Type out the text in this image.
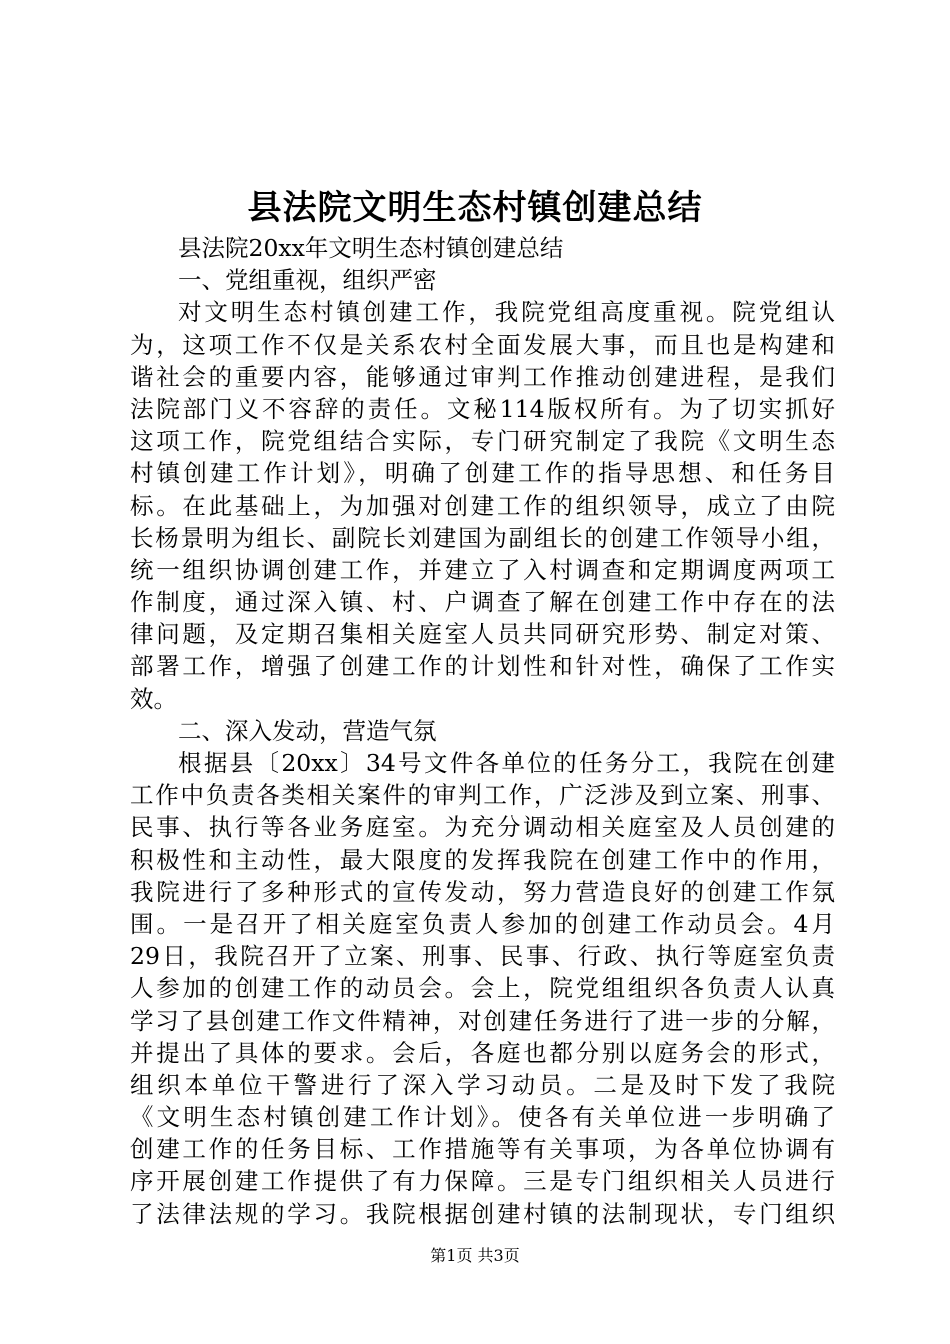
县法院文明生态村镇创建总结
县法院20xx年文明生态村镇创建总结
一、党组重视，组织严密
对文明生态村镇创建工作，我院党组高度重视。院党组认
为，这项工作不仅是关系农村全面发展大事，而且也是构建和
谐社会的重要内容，能够通过审判工作推动创建进程，是我们
法院部门义不容辞的责任。文秘114版权所有。为了切实抓好
这项工作，院党组结合实际，专门研究制定了我院《文明生态
村镇创建工作计划》，明确了创建工作的指导思想、和任务目
标。在此基础上，为加强对创建工作的组织领导，成立了由院
长杨景明为组长、副院长刘建国为副组长的创建工作领导小组，
统一组织协调创建工作，并建立了入村调查和定期调度两项工
作制度，通过深入镇、村、户调查了解在创建工作中存在的法
律问题，及定期召集相关庭室人员共同研究形势、制定对策、
部署工作，增强了创建工作的计划性和针对性，确保了工作实
效。
二、深入发动，营造气氛
根据县〔20xx〕34号文件各单位的任务分工，我院在创建
工作中负责各类相关案件的审判工作，广泛涉及到立案、刑事、
民事、执行等各业务庭室。为充分调动相关庭室及人员创建的
积极性和主动性，最大限度的发挥我院在创建工作中的作用，
我院进行了多种形式的宣传发动，努力营造良好的创建工作氛
围。一是召开了相关庭室负责人参加的创建工作动员会。4月
29日，我院召开了立案、刑事、民事、行政、执行等庭室负责
人参加的创建工作的动员会。会上，院党组组织各负责人认真
学习了县创建工作文件精神，对创建任务进行了进一步的分解，
并提出了具体的要求。会后，各庭也都分别以庭务会的形式，
组织本单位干警进行了深入学习动员。二是及时下发了我院
《文明生态村镇创建工作计划》。使各有关单位进一步明确了
创建工作的任务目标、工作措施等有关事项，为各单位协调有
序开展创建工作提供了有力保障。三是专门组织相关人员进行
了法律法规的学习。我院根据创建村镇的法制现状，专门组织
第1页 共3页
